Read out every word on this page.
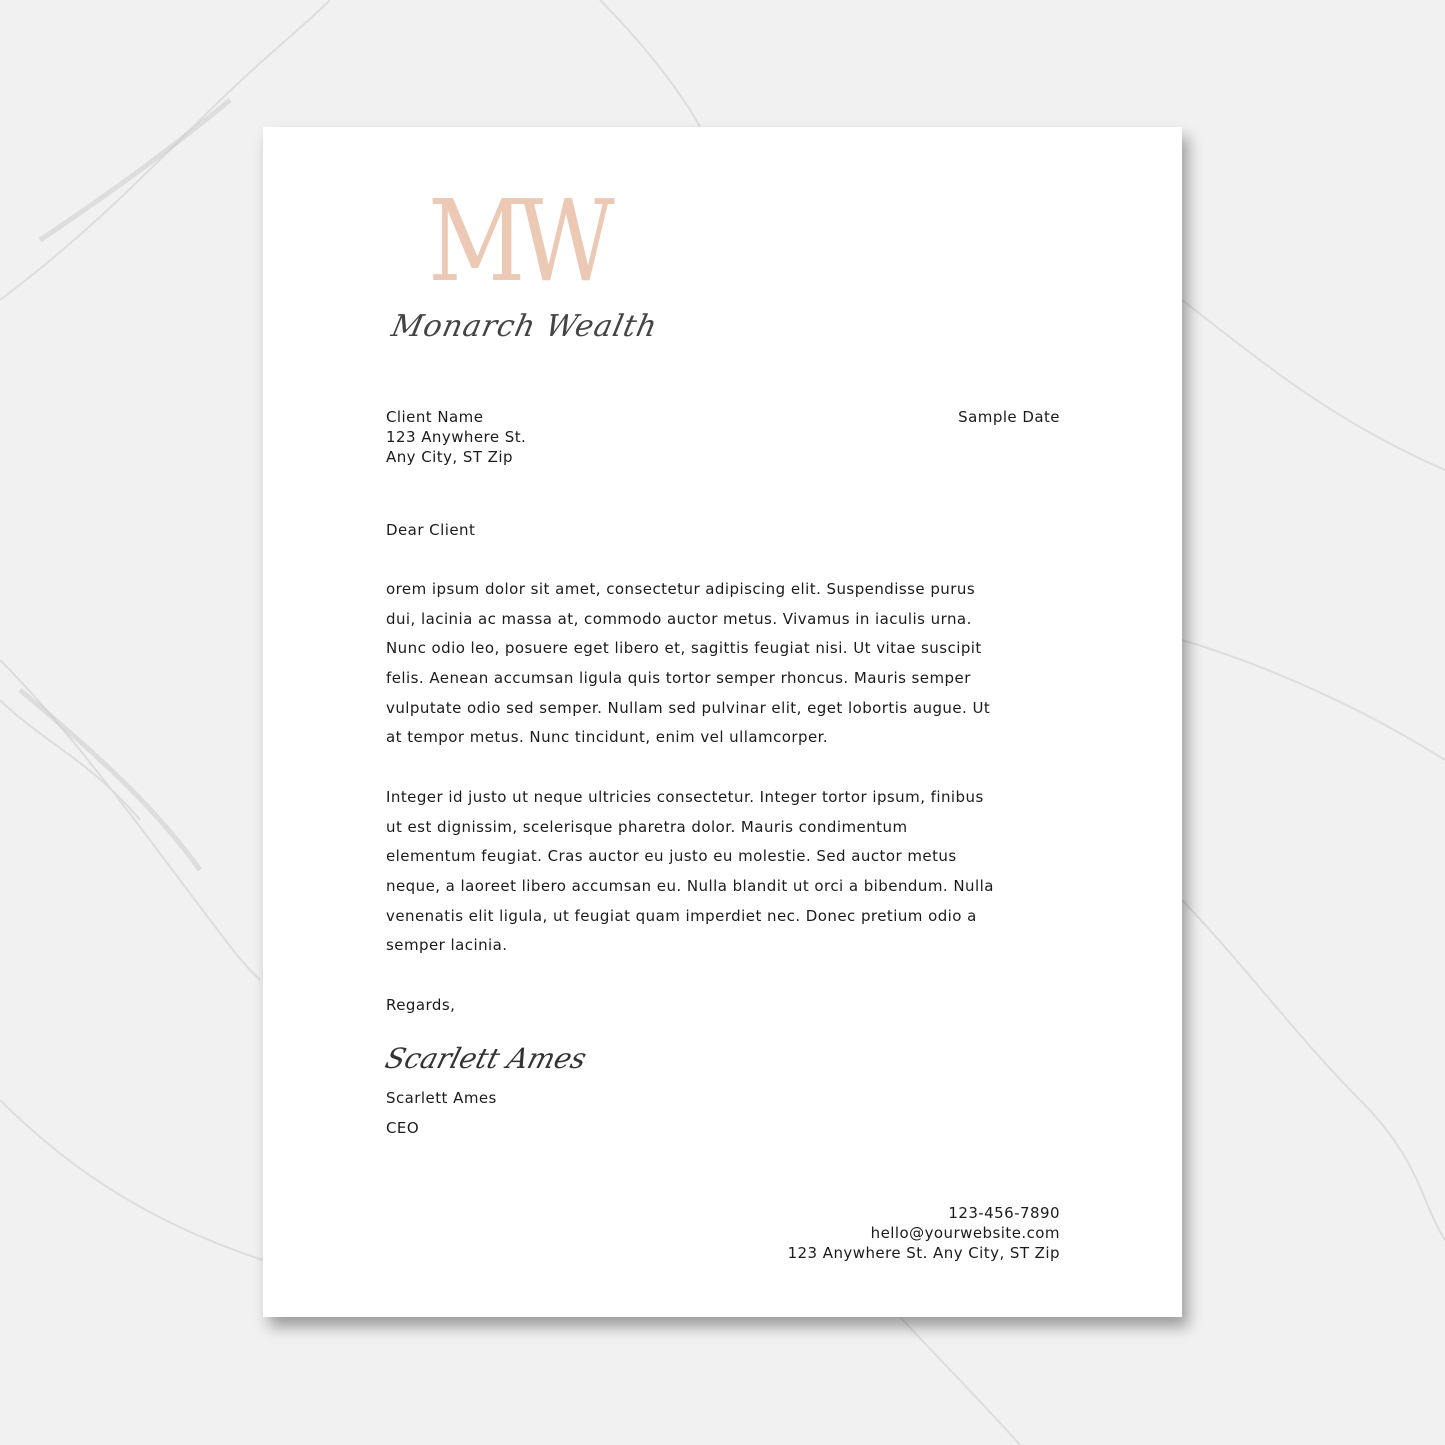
MW
Monarch Wealth
Client Name
123 Anywhere St.
Any City, ST Zip
Sample Date
Dear Client
orem ipsum dolor sit amet, consectetur adipiscing elit. Suspendisse purus
dui, lacinia ac massa at, commodo auctor metus. Vivamus in iaculis urna.
Nunc odio leo, posuere eget libero et, sagittis feugiat nisi. Ut vitae suscipit
felis. Aenean accumsan ligula quis tortor semper rhoncus. Mauris semper
vulputate odio sed semper. Nullam sed pulvinar elit, eget lobortis augue. Ut
at tempor metus. Nunc tincidunt, enim vel ullamcorper.
Integer id justo ut neque ultricies consectetur. Integer tortor ipsum, finibus
ut est dignissim, scelerisque pharetra dolor. Mauris condimentum
elementum feugiat. Cras auctor eu justo eu molestie. Sed auctor metus
neque, a laoreet libero accumsan eu. Nulla blandit ut orci a bibendum. Nulla
venenatis elit ligula, ut feugiat quam imperdiet nec. Donec pretium odio a
semper lacinia.
Regards,
Scarlett Ames
Scarlett Ames
CEO
123-456-7890
hello@yourwebsite.com
123 Anywhere St. Any City, ST Zip
